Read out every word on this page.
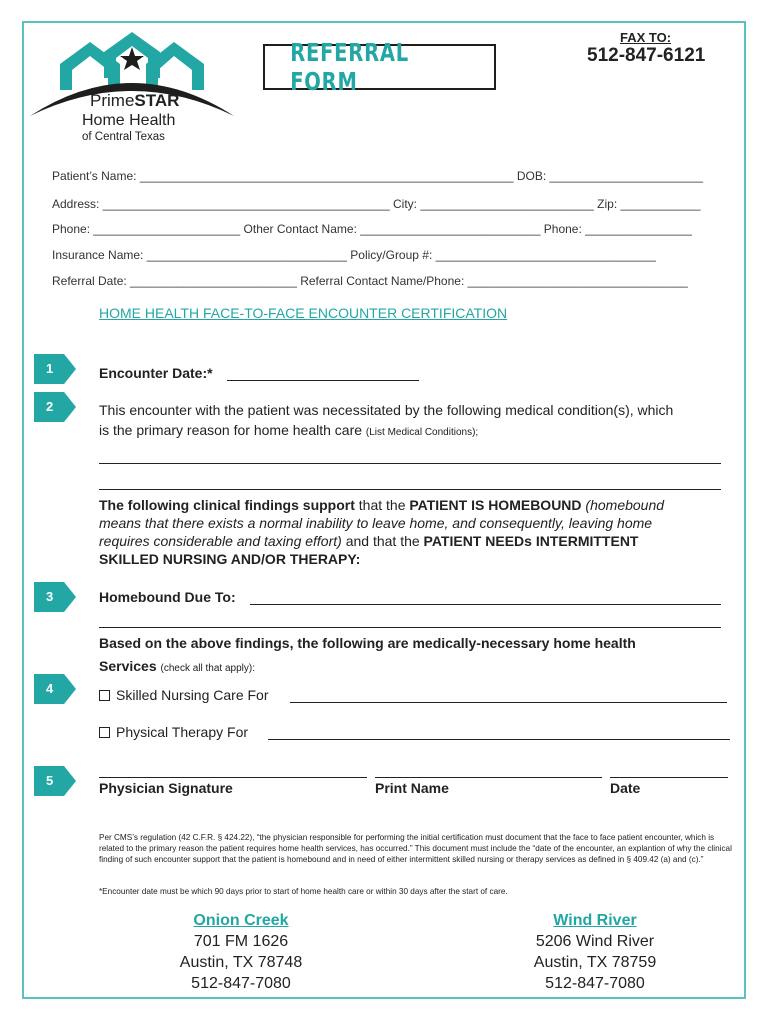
PrimeSTAR
Home Health
of Central Texas
REFERRAL FORM
FAX TO:
512-847-6121
Patient’s Name: ________________________________________________________ DOB: _______________________
Address: ___________________________________________ City: __________________________ Zip: ____________
Phone: ______________________ Other Contact Name: ___________________________ Phone: ________________
Insurance Name: ______________________________ Policy/Group #: _________________________________
Referral Date: _________________________ Referral Contact Name/Phone: _________________________________
HOME HEALTH FACE-TO-FACE ENCOUNTER CERTIFICATION
1
2
3
4
5
Encounter Date:*
This encounter with the patient was necessitated by the following medical condition(s), which
is the primary reason for home health care (List Medical Conditions);
The following clinical findings support that the PATIENT IS HOMEBOUND (homebound
means that there exists a normal inability to leave home, and consequently, leaving home
requires considerable and taxing effort) and that the PATIENT NEEDs INTERMITTENT
SKILLED NURSING AND/OR THERAPY:
Homebound Due To:
Based on the above findings, the following are medically-necessary home health
Services (check all that apply):
Skilled Nursing Care For
Physical Therapy For
Physician Signature	Print Name	Date
Per CMS’s regulation (42 C.F.R. § 424.22), “the physician responsible for performing the initial certification must document that the face to face patient encounter, which is related to the primary reason the patient requires home health services, has occurred.” This document must include the “date of the encounter, an explantion of why the clinical finding of such encounter support that the patient is homebound and in need of either intermittent skilled nursing or therapy services as defined in § 409.42 (a) and (c).”
*Encounter date must be which 90 days prior to start of home health care or within 30 days after the start of care.
Onion Creek
701 FM 1626
Austin, TX 78748
512-847-7080
Wind River
5206 Wind River
Austin, TX 78759
512-847-7080
